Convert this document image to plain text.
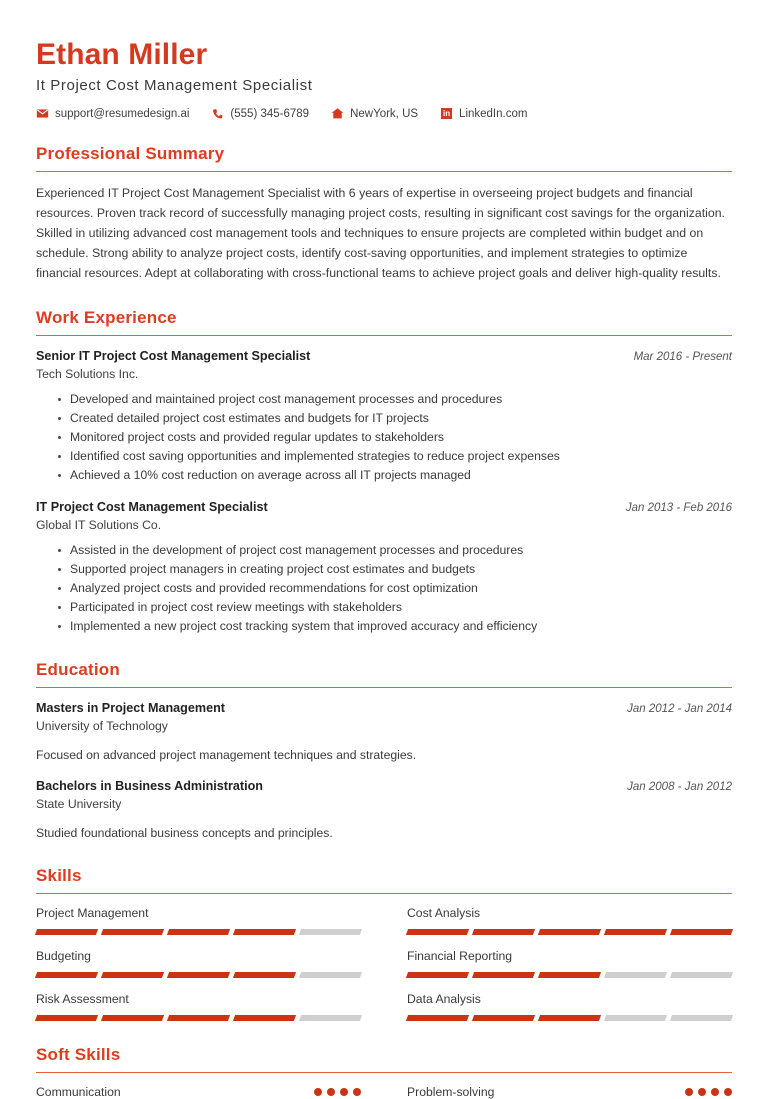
Ethan Miller
It Project Cost Management Specialist
support@resumedesign.ai	(555) 345-6789	NewYork, US	in LinkedIn.com
Professional Summary

Experienced IT Project Cost Management Specialist with 6 years of expertise in overseeing project budgets and financial resources. Proven track record of successfully managing project costs, resulting in significant cost savings for the organization. Skilled in utilizing advanced cost management tools and techniques to ensure projects are completed within budget and on schedule. Strong ability to analyze project costs, identify cost-saving opportunities, and implement strategies to optimize financial resources. Adept at collaborating with cross-functional teams to achieve project goals and deliver high-quality results.

Work Experience
Senior IT Project Cost Management Specialist	Mar 2016 - Present
Tech Solutions Inc.
Developed and maintained project cost management processes and procedures
Created detailed project cost estimates and budgets for IT projects
Monitored project costs and provided regular updates to stakeholders
Identified cost saving opportunities and implemented strategies to reduce project expenses
Achieved a 10% cost reduction on average across all IT projects managed
IT Project Cost Management Specialist	Jan 2013 - Feb 2016
Global IT Solutions Co.
Assisted in the development of project cost management processes and procedures
Supported project managers in creating project cost estimates and budgets
Analyzed project costs and provided recommendations for cost optimization
Participated in project cost review meetings with stakeholders
Implemented a new project cost tracking system that improved accuracy and efficiency
Education
Masters in Project Management	Jan 2012 - Jan 2014
University of Technology
Focused on advanced project management techniques and strategies.
Bachelors in Business Administration	Jan 2008 - Jan 2012
State University
Studied foundational business concepts and principles.
Skills
Project Management	Cost Analysis
Budgeting	Financial Reporting
Risk Assessment	Data Analysis
Soft Skills
Communication	Problem-solving
